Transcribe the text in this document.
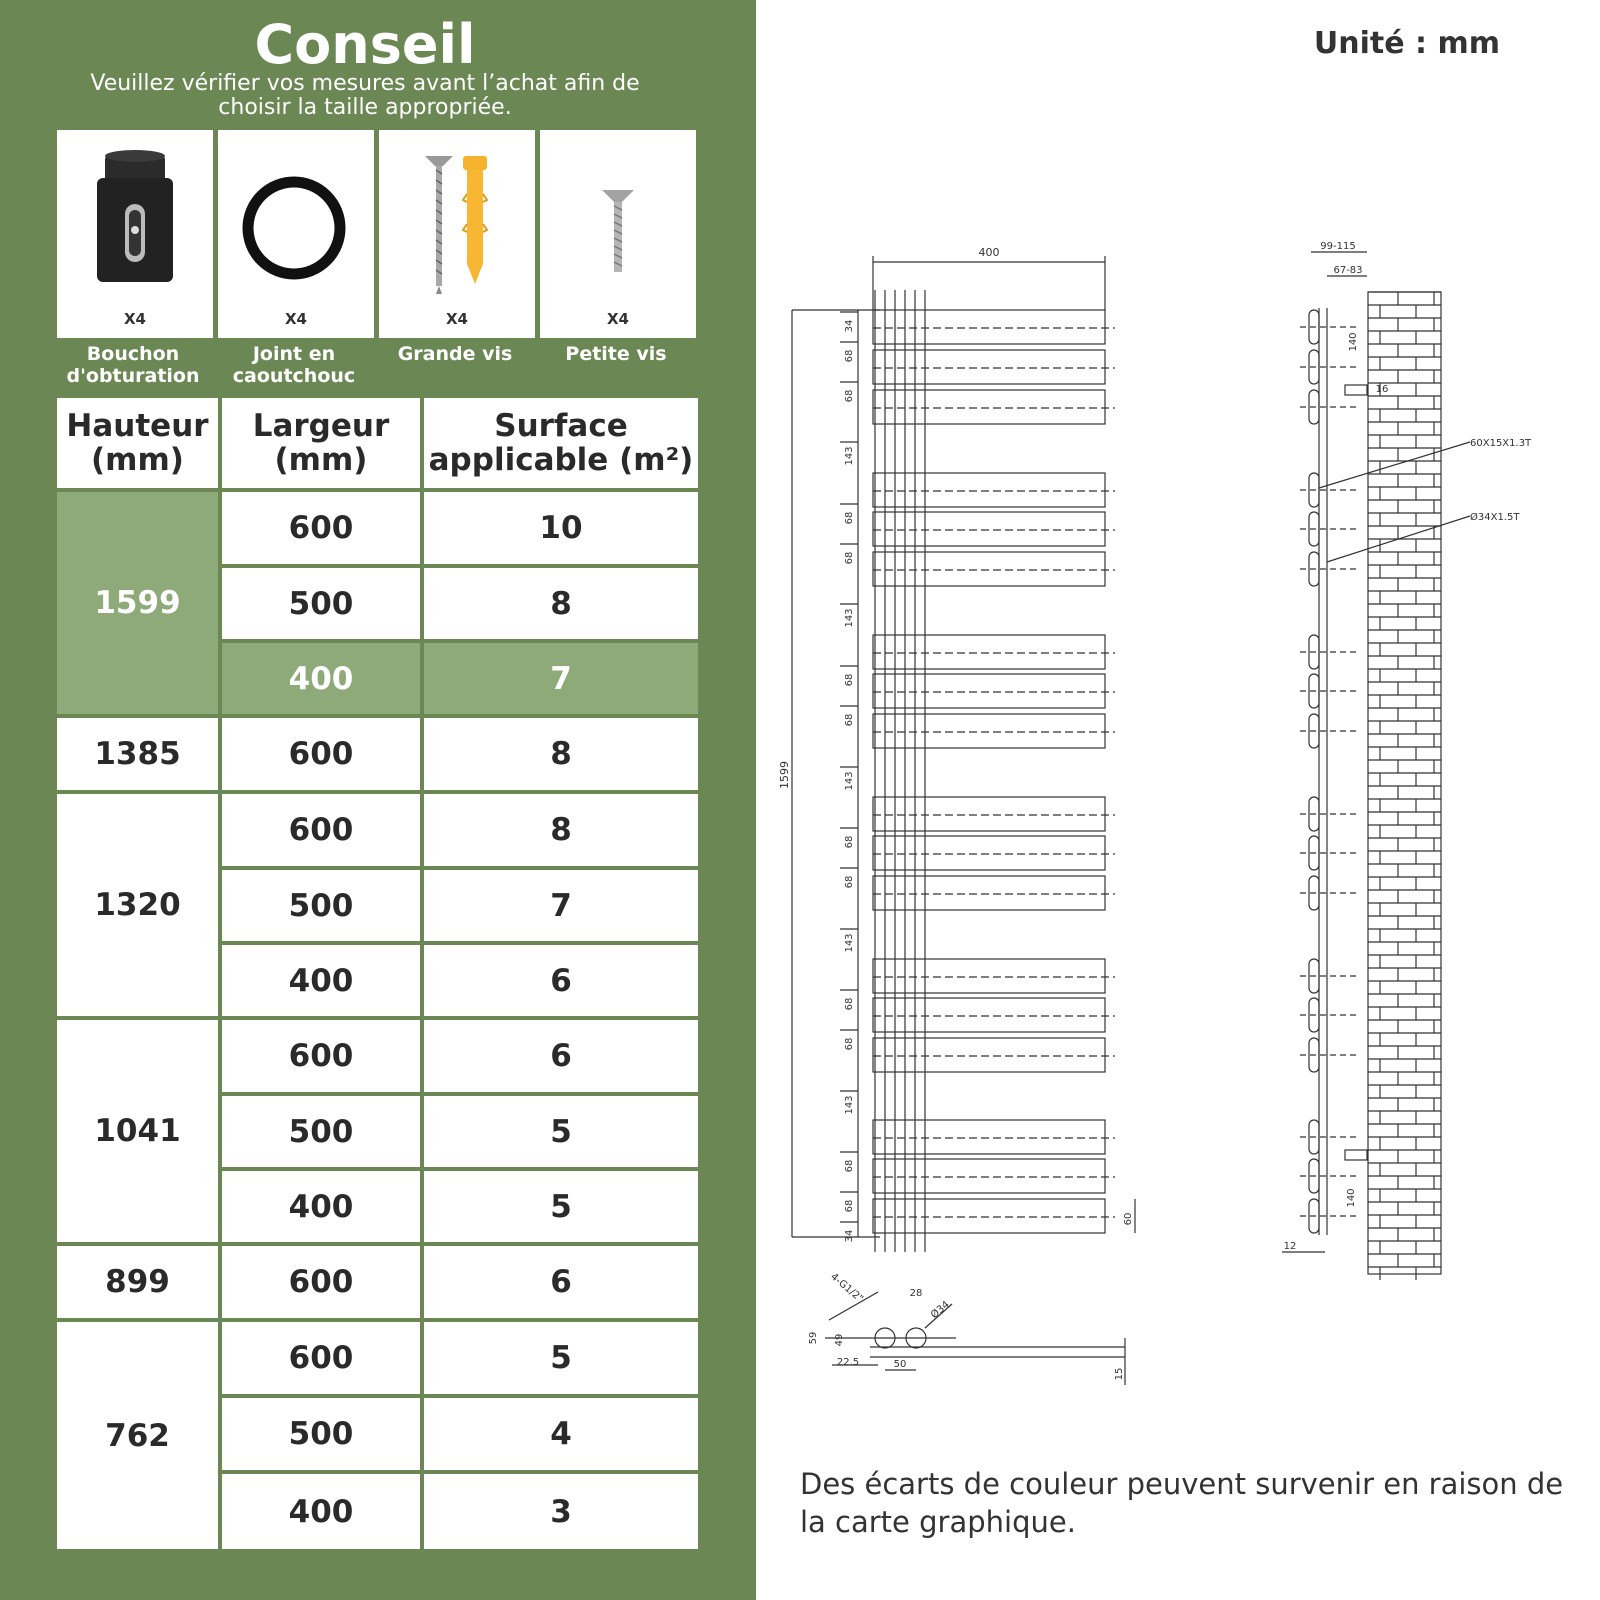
Conseil
Veuillez vérifier vos mesures avant l’achat afin de choisir la taille appropriée.
X4	X4	X4	X4
Bouchon d'obturation
Joint en caoutchouc
Grande vis	Petite vis
Hauteur (mm)
Largeur (mm)
Surface applicable (m²)
1599
600	10
500	8
400	7
1385	600	8
1320
600	8
500	7
400	6
1041
600	6
500	5
400	5
899	600	6
762
600	5
500	4
400	3
Unité : mm
1599
400
34
68
68
143
68
68
143
68
68
143
68
68
143
68
68
143
68
68
34
60
99-115
67-83
140
140
16
60X15X1.3T
Ø34X1.5T
12
4-G1/2"	28
Ø34
59 49
22.5	50
15
Des écarts de couleur peuvent survenir en raison de la carte graphique.
